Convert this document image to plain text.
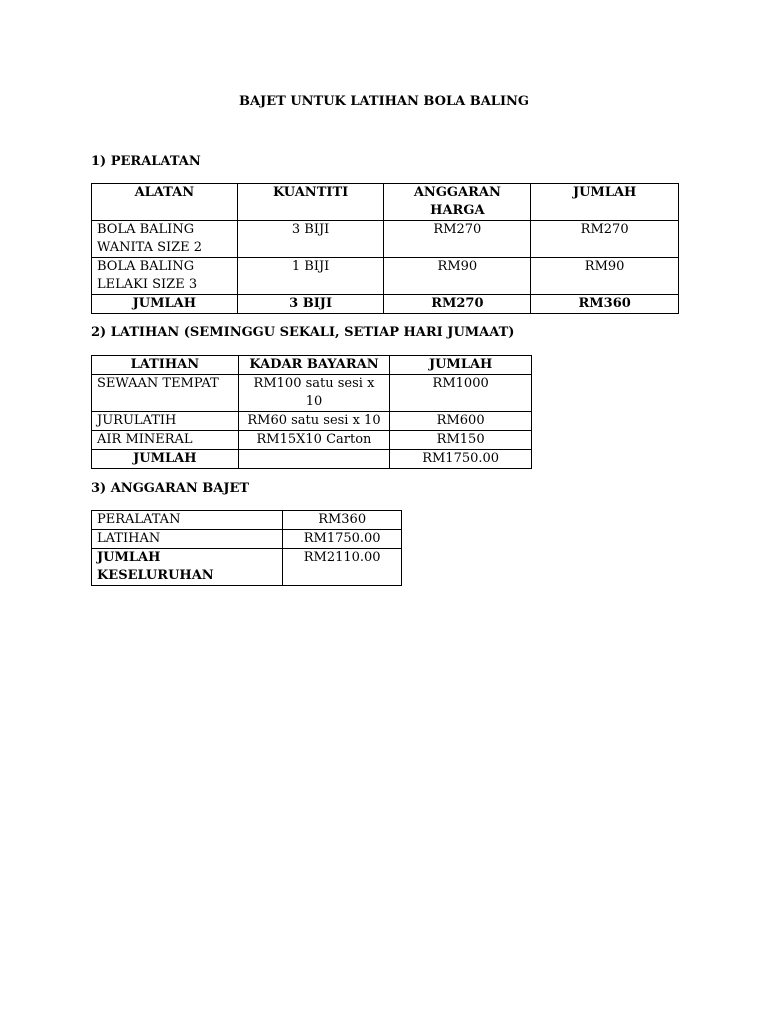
BAJET UNTUK LATIHAN BOLA BALING
1) PERALATAN
ALATAN	KUANTITI	ANGGARAN HARGA	JUMLAH

BOLA BALING
WANITA SIZE 2	3 BIJI	RM270	RM270

BOLA BALING
LELAKI SIZE 3	1 BIJI	RM90	RM90
JUMLAH	3 BIJI	RM270	RM360
2) LATIHAN (SEMINGGU SEKALI, SETIAP HARI JUMAAT)
LATIHAN	KADAR BAYARAN	JUMLAH
SEWAAN TEMPAT	RM100 satu sesi x 10	RM1000
JURULATIH	RM60 satu sesi x 10	RM600
AIR MINERAL	RM15X10 Carton	RM150
JUMLAH		RM1750.00
3) ANGGARAN BAJET
PERALATAN	RM360
LATIHAN	RM1750.00
JUMLAH KESELURUHAN	RM2110.00
